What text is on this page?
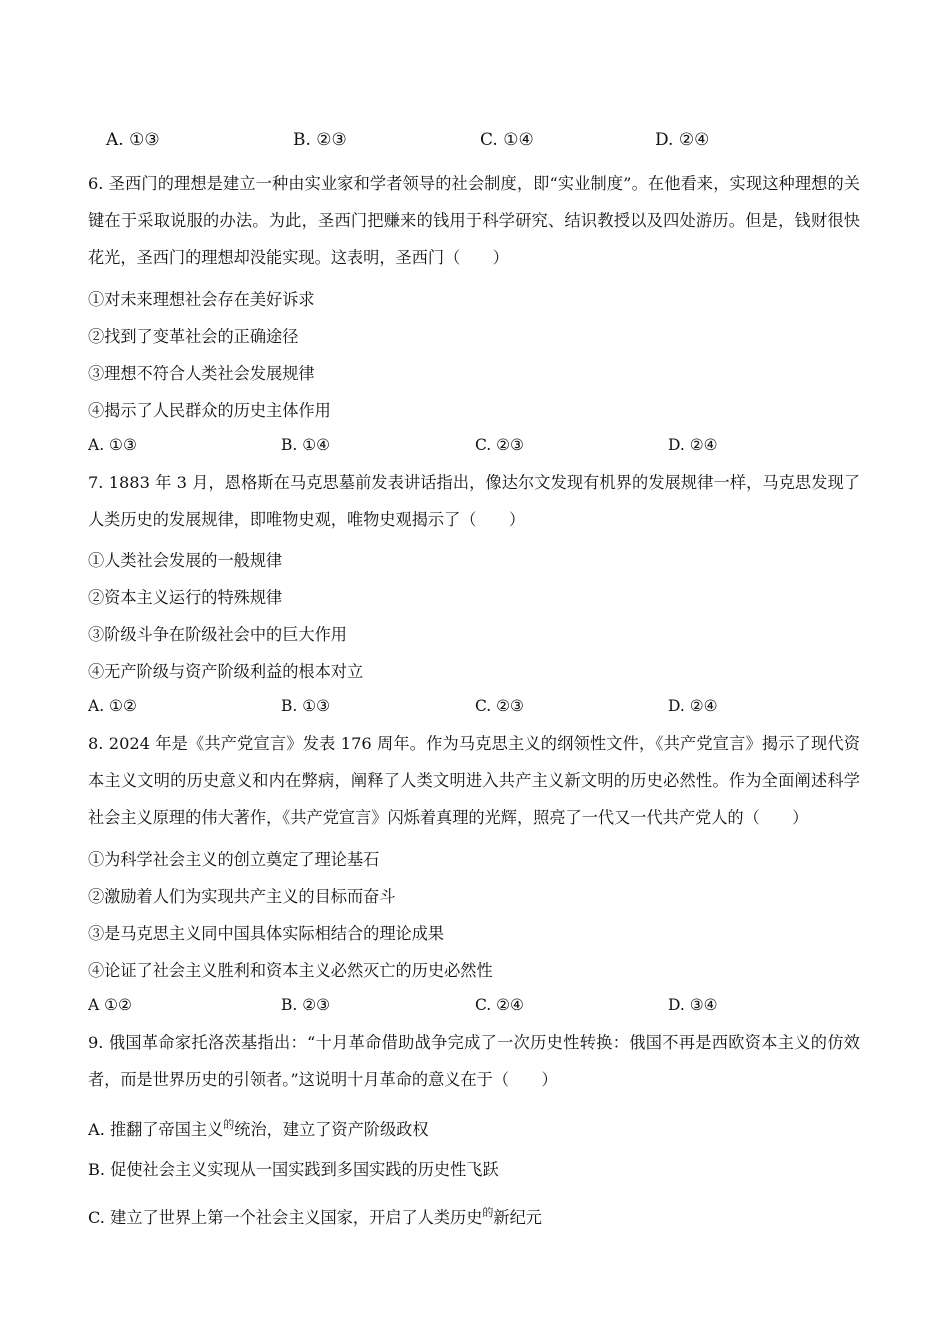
A. ①③	B. ②③	C. ①④	D. ②④
6. 圣西门的理想是建立一种由实业家和学者领导的社会制度，即“实业制度”。在他看来，实现这种理想的关键在于采取说服的办法。为此，圣西门把赚来的钱用于科学研究、结识教授以及四处游历。但是，钱财很快花光，圣西门的理想却没能实现。这表明，圣西门（　　）
①对未来理想社会存在美好诉求
②找到了变革社会的正确途径
③理想不符合人类社会发展规律
④揭示了人民群众的历史主体作用
A. ①③	B. ①④	C. ②③	D. ②④
7. 1883 年 3 月，恩格斯在马克思墓前发表讲话指出，像达尔文发现有机界的发展规律一样，马克思发现了人类历史的发展规律，即唯物史观，唯物史观揭示了（　　）
①人类社会发展的一般规律
②资本主义运行的特殊规律
③阶级斗争在阶级社会中的巨大作用
④无产阶级与资产阶级利益的根本对立
A. ①②	B. ①③	C. ②③	D. ②④
8. 2024 年是《共产党宣言》发表 176 周年。作为马克思主义的纲领性文件，《共产党宣言》揭示了现代资本主义文明的历史意义和内在弊病，阐释了人类文明进入共产主义新文明的历史必然性。作为全面阐述科学社会主义原理的伟大著作，《共产党宣言》闪烁着真理的光辉，照亮了一代又一代共产党人的（　　）
①为科学社会主义的创立奠定了理论基石
②激励着人们为实现共产主义的目标而奋斗
③是马克思主义同中国具体实际相结合的理论成果
④论证了社会主义胜利和资本主义必然灭亡的历史必然性
A ①②	B. ②③	C. ②④	D. ③④
9. 俄国革命家托洛茨基指出：“十月革命借助战争完成了一次历史性转换：俄国不再是西欧资本主义的仿效者，而是世界历史的引领者。”这说明十月革命的意义在于（　　）
A. 推翻了帝国主义$^的$统治，建立了资产阶级政权
B. 促使社会主义实现从一国实践到多国实践的历史性飞跃
C. 建立了世界上第一个社会主义国家，开启了人类历史$^的$新纪元
